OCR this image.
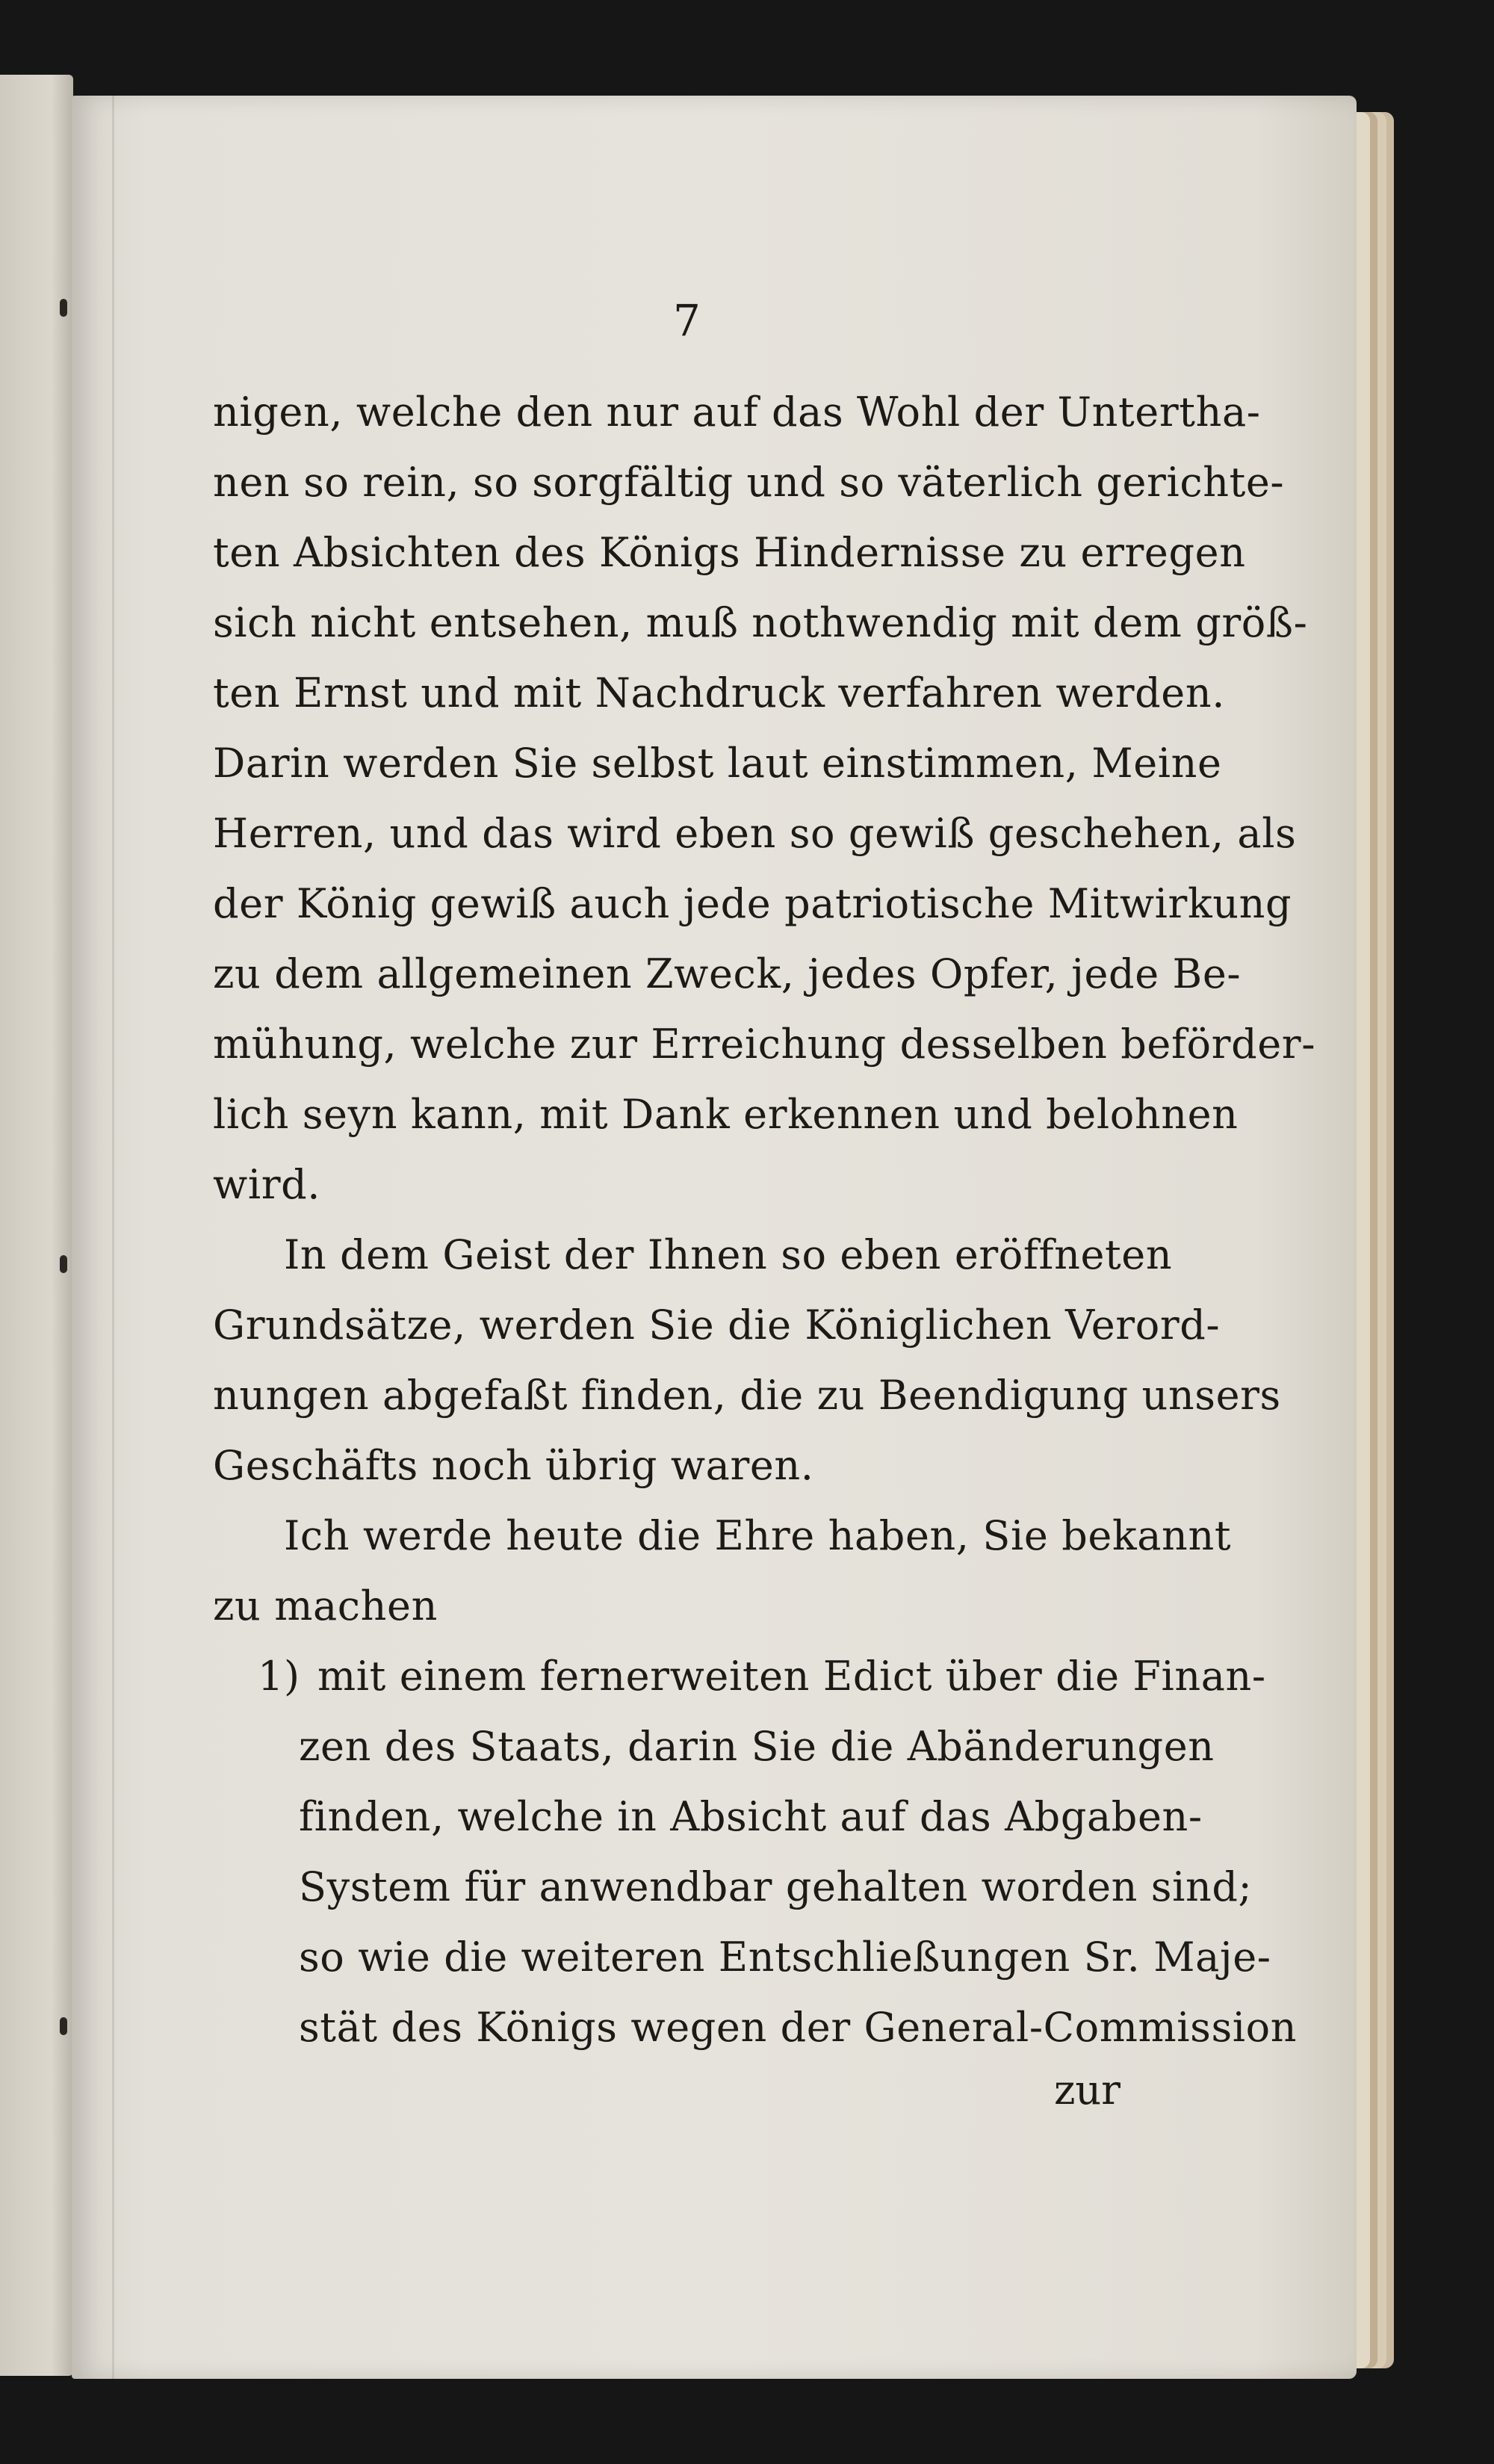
7
nigen, welche den nur auf das Wohl der Untertha-
nen so rein, so sorgfältig und so väterlich gerichte-
ten Absichten des Königs Hindernisse zu erregen
sich nicht entsehen, muß nothwendig mit dem größ-
ten Ernst und mit Nachdruck verfahren werden.
Darin werden Sie selbst laut einstimmen, Meine
Herren, und das wird eben so gewiß geschehen, als
der König gewiß auch jede patriotische Mitwirkung
zu dem allgemeinen Zweck, jedes Opfer, jede Be-
mühung, welche zur Erreichung desselben beförder-
lich seyn kann, mit Dank erkennen und belohnen
wird.
In dem Geist der Ihnen so eben eröffneten
Grundsätze, werden Sie die Königlichen Verord-
nungen abgefaßt finden, die zu Beendigung unsers
Geschäfts noch übrig waren.
Ich werde heute die Ehre haben, Sie bekannt
zu machen
1) mit einem fernerweiten Edict über die Finan-
zen des Staats, darin Sie die Abänderungen
finden, welche in Absicht auf das Abgaben-
System für anwendbar gehalten worden sind;
so wie die weiteren Entschließungen Sr. Maje-
stät des Königs wegen der General-Commission
zur
